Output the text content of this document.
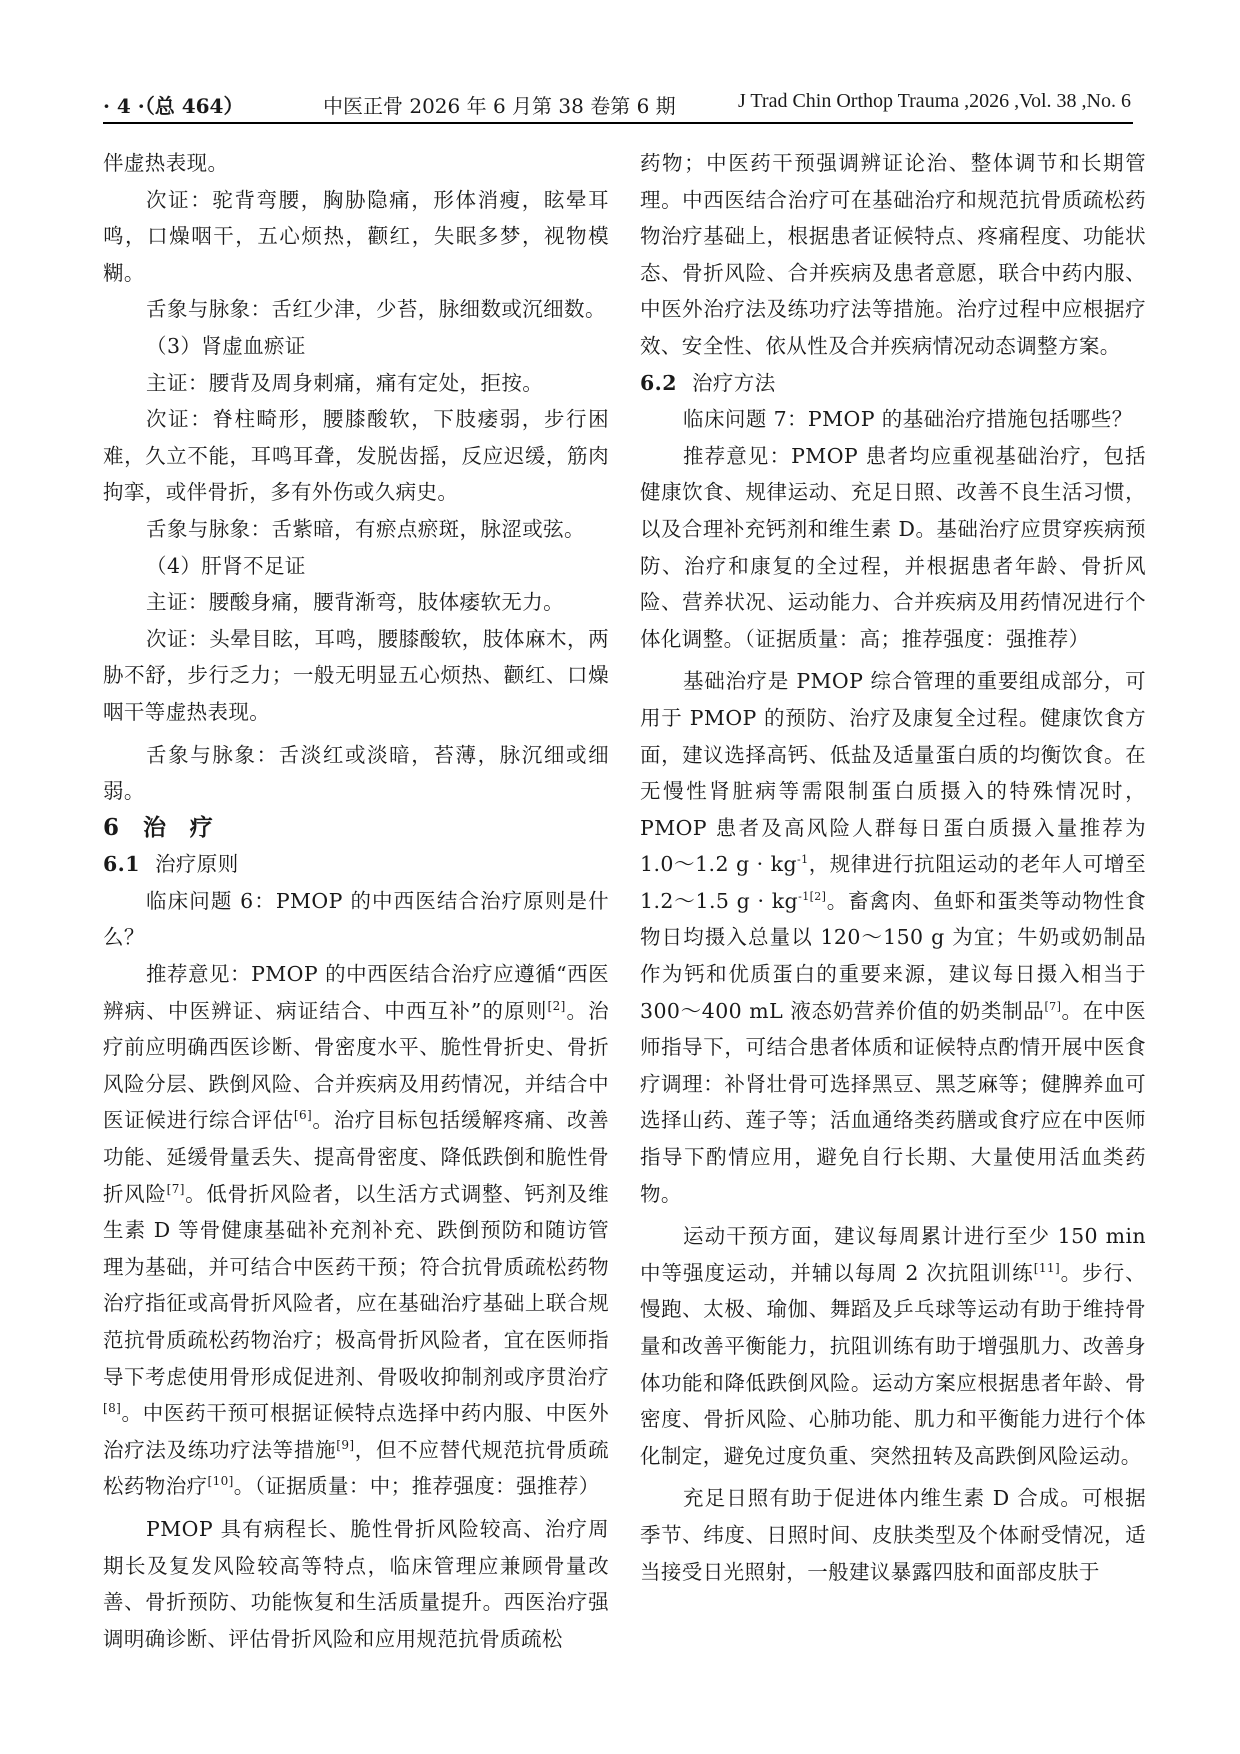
· 4 ·（总 464）	中医正骨 2026 年 6 月第 38 卷第 6 期	J Trad Chin Orthop Trauma ,2026 ,Vol. 38 ,No. 6

伴虚热表现。

次证：驼背弯腰，胸胁隐痛，形体消瘦，眩晕耳鸣，口燥咽干，五心烦热，颧红，失眠多梦，视物模糊。

舌象与脉象：舌红少津，少苔，脉细数或沉细数。

（3）肾虚血瘀证

主证：腰背及周身刺痛，痛有定处，拒按。

次证：脊柱畸形，腰膝酸软，下肢痿弱，步行困难，久立不能，耳鸣耳聋，发脱齿摇，反应迟缓，筋肉拘挛，或伴骨折，多有外伤或久病史。

舌象与脉象：舌紫暗，有瘀点瘀斑，脉涩或弦。

（4）肝肾不足证

主证：腰酸身痛，腰背渐弯，肢体痿软无力。

次证：头晕目眩，耳鸣，腰膝酸软，肢体麻木，两胁不舒，步行乏力；一般无明显五心烦热、颧红、口燥咽干等虚热表现。

舌象与脉象：舌淡红或淡暗，苔薄，脉沉细或细弱。

6 治　疗

6.1 治疗原则

临床问题 6：PMOP 的中西医结合治疗原则是什么？

推荐意见：PMOP 的中西医结合治疗应遵循“西医辨病、中医辨证、病证结合、中西互补”的原则[2]。治疗前应明确西医诊断、骨密度水平、脆性骨折史、骨折风险分层、跌倒风险、合并疾病及用药情况，并结合中医证候进行综合评估[6]。治疗目标包括缓解疼痛、改善功能、延缓骨量丢失、提高骨密度、降低跌倒和脆性骨折风险[7]。低骨折风险者，以生活方式调整、钙剂及维生素 D 等骨健康基础补充剂补充、跌倒预防和随访管理为基础，并可结合中医药干预；符合抗骨质疏松药物治疗指征或高骨折风险者，应在基础治疗基础上联合规范抗骨质疏松药物治疗；极高骨折风险者，宜在医师指导下考虑使用骨形成促进剂、骨吸收抑制剂或序贯治疗[8]。中医药干预可根据证候特点选择中药内服、中医外治疗法及练功疗法等措施[9]，但不应替代规范抗骨质疏松药物治疗[10]。（证据质量：中；推荐强度：强推荐）

PMOP 具有病程长、脆性骨折风险较高、治疗周期长及复发风险较高等特点，临床管理应兼顾骨量改善、骨折预防、功能恢复和生活质量提升。西医治疗强调明确诊断、评估骨折风险和应用规范抗骨质疏松

药物；中医药干预强调辨证论治、整体调节和长期管理。中西医结合治疗可在基础治疗和规范抗骨质疏松药物治疗基础上，根据患者证候特点、疼痛程度、功能状态、骨折风险、合并疾病及患者意愿，联合中药内服、中医外治疗法及练功疗法等措施。治疗过程中应根据疗效、安全性、依从性及合并疾病情况动态调整方案。

6.2 治疗方法

临床问题 7：PMOP 的基础治疗措施包括哪些？

推荐意见：PMOP 患者均应重视基础治疗，包括健康饮食、规律运动、充足日照、改善不良生活习惯，以及合理补充钙剂和维生素 D。基础治疗应贯穿疾病预防、治疗和康复的全过程，并根据患者年龄、骨折风险、营养状况、运动能力、合并疾病及用药情况进行个体化调整。（证据质量：高；推荐强度：强推荐）

基础治疗是 PMOP 综合管理的重要组成部分，可用于 PMOP 的预防、治疗及康复全过程。健康饮食方面，建议选择高钙、低盐及适量蛋白质的均衡饮食。在无慢性肾脏病等需限制蛋白质摄入的特殊情况时，PMOP 患者及高风险人群每日蛋白质摄入量推荐为 1.0～1.2 $g \cdot kg^{-1}$，规律进行抗阻运动的老年人可增至 1.2～1.5 $g \cdot kg^{-1[2]}$。畜禽肉、鱼虾和蛋类等动物性食物日均摄入总量以 120～150 g 为宜；牛奶或奶制品作为钙和优质蛋白的重要来源，建议每日摄入相当于 300～400 mL 液态奶营养价值的奶类制品[7]。在中医师指导下，可结合患者体质和证候特点酌情开展中医食疗调理：补肾壮骨可选择黑豆、黑芝麻等；健脾养血可选择山药、莲子等；活血通络类药膳或食疗应在中医师指导下酌情应用，避免自行长期、大量使用活血类药物。

运动干预方面，建议每周累计进行至少 150 min 中等强度运动，并辅以每周 2 次抗阻训练[11]。步行、慢跑、太极、瑜伽、舞蹈及乒乓球等运动有助于维持骨量和改善平衡能力，抗阻训练有助于增强肌力、改善身体功能和降低跌倒风险。运动方案应根据患者年龄、骨密度、骨折风险、心肺功能、肌力和平衡能力进行个体化制定，避免过度负重、突然扭转及高跌倒风险运动。

充足日照有助于促进体内维生素 D 合成。可根据季节、纬度、日照时间、皮肤类型及个体耐受情况，适当接受日光照射，一般建议暴露四肢和面部皮肤于
